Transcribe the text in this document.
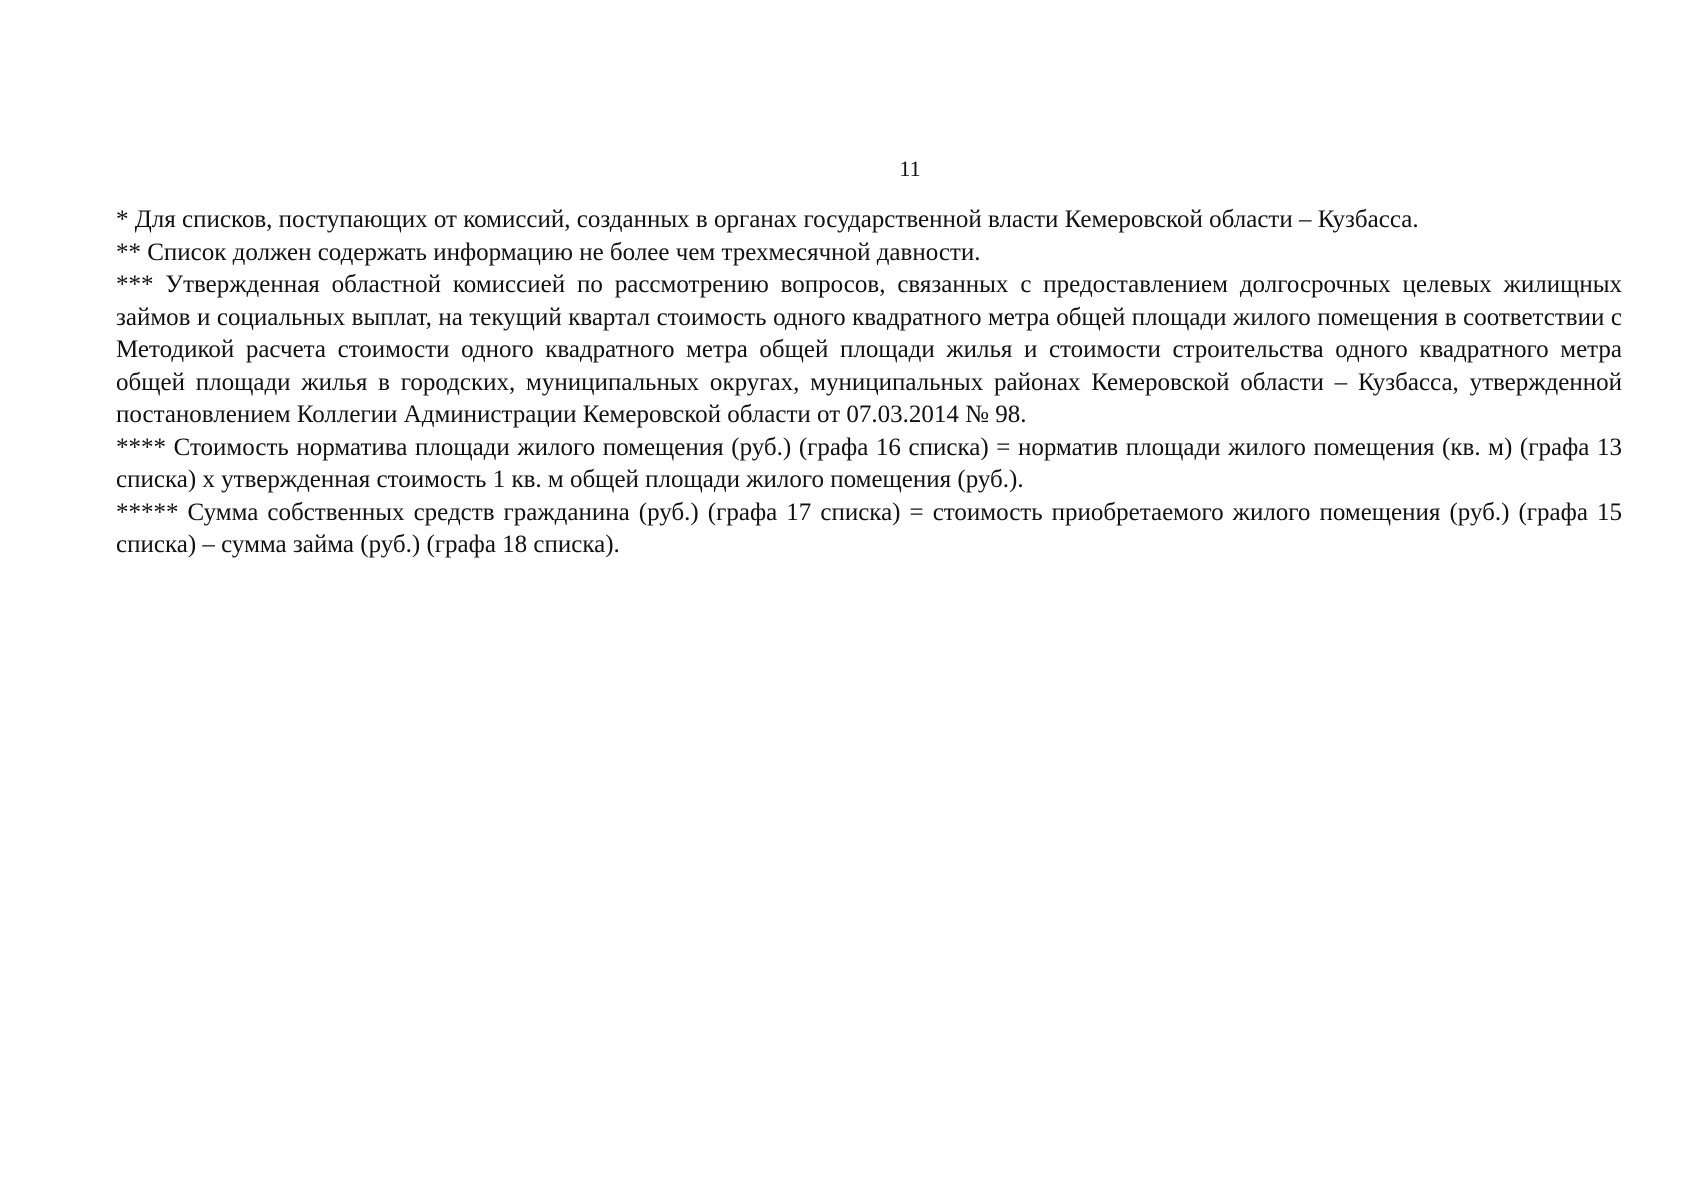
11

* Для списков, поступающих от комиссий, созданных в органах государственной власти Кемеровской области – Кузбасса.

** Список должен содержать информацию не более чем трехмесячной давности.

*** Утвержденная областной комиссией по рассмотрению вопросов, связанных с предоставлением долгосрочных целевых жилищных займов и социальных выплат, на текущий квартал стоимость одного квадратного метра общей площади жилого помещения в соответствии с Методикой расчета стоимости одного квадратного метра общей площади жилья и стоимости строительства одного квадратного метра общей площади жилья в городских, муниципальных округах, муниципальных районах Кемеровской области – Кузбасса, утвержденной постановлением Коллегии Администрации Кемеровской области от 07.03.2014 № 98.

**** Стоимость норматива площади жилого помещения (руб.) (графа 16 списка) = норматив площади жилого помещения (кв. м) (графа 13 списка) х утвержденная стоимость 1 кв. м общей площади жилого помещения (руб.).

***** Сумма собственных средств гражданина (руб.) (графа 17 списка) = стоимость приобретаемого жилого помещения (руб.) (графа 15 списка) – сумма займа (руб.) (графа 18 списка).
